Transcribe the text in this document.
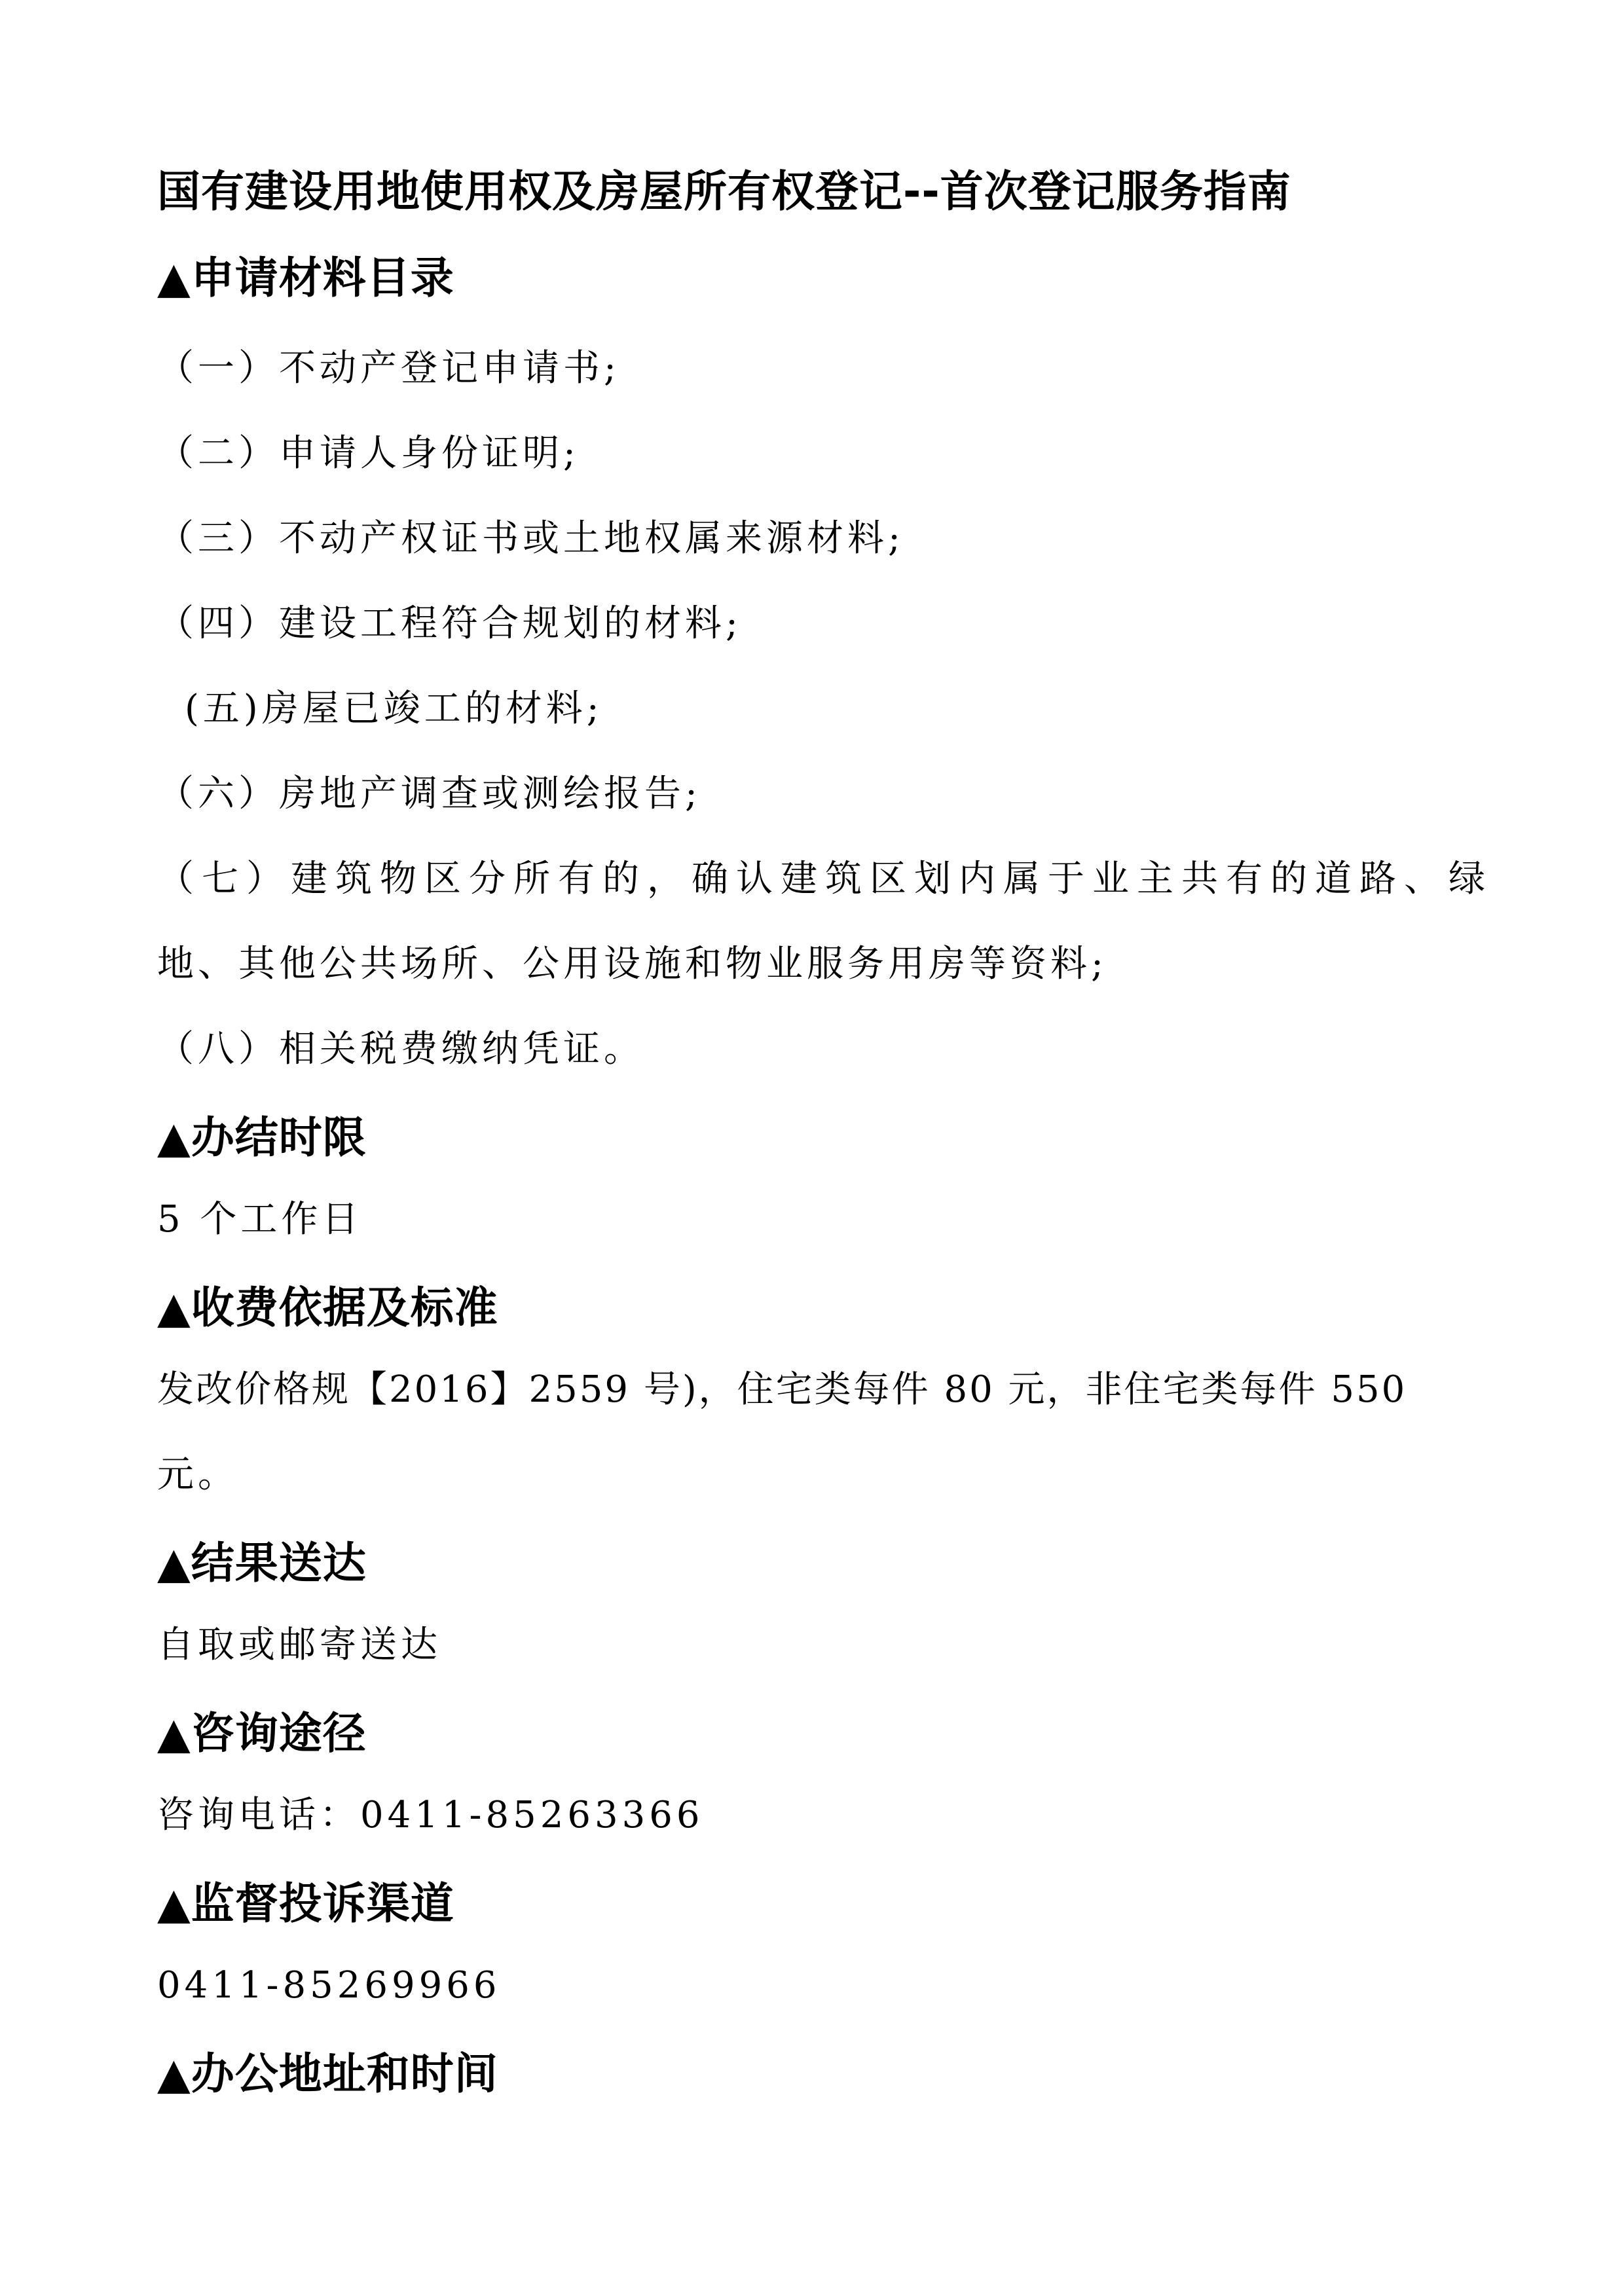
国有建设用地使用权及房屋所有权登记--首次登记服务指南
▲申请材料目录
（一）不动产登记申请书;
（二）申请人身份证明;
（三）不动产权证书或土地权属来源材料;
（四）建设工程符合规划的材料;
(五)房屋已竣工的材料;
（六）房地产调查或测绘报告;
（七）建筑物区分所有的，确认建筑区划内属于业主共有的道路、绿
地、其他公共场所、公用设施和物业服务用房等资料;
（八）相关税费缴纳凭证。
▲办结时限
5 个工作日
▲收费依据及标准
发改价格规【2016】2559 号)，住宅类每件 80 元，非住宅类每件 550
元。
▲结果送达
自取或邮寄送达
▲咨询途径
咨询电话：0411-85263366
▲监督投诉渠道
0411-85269966
▲办公地址和时间
